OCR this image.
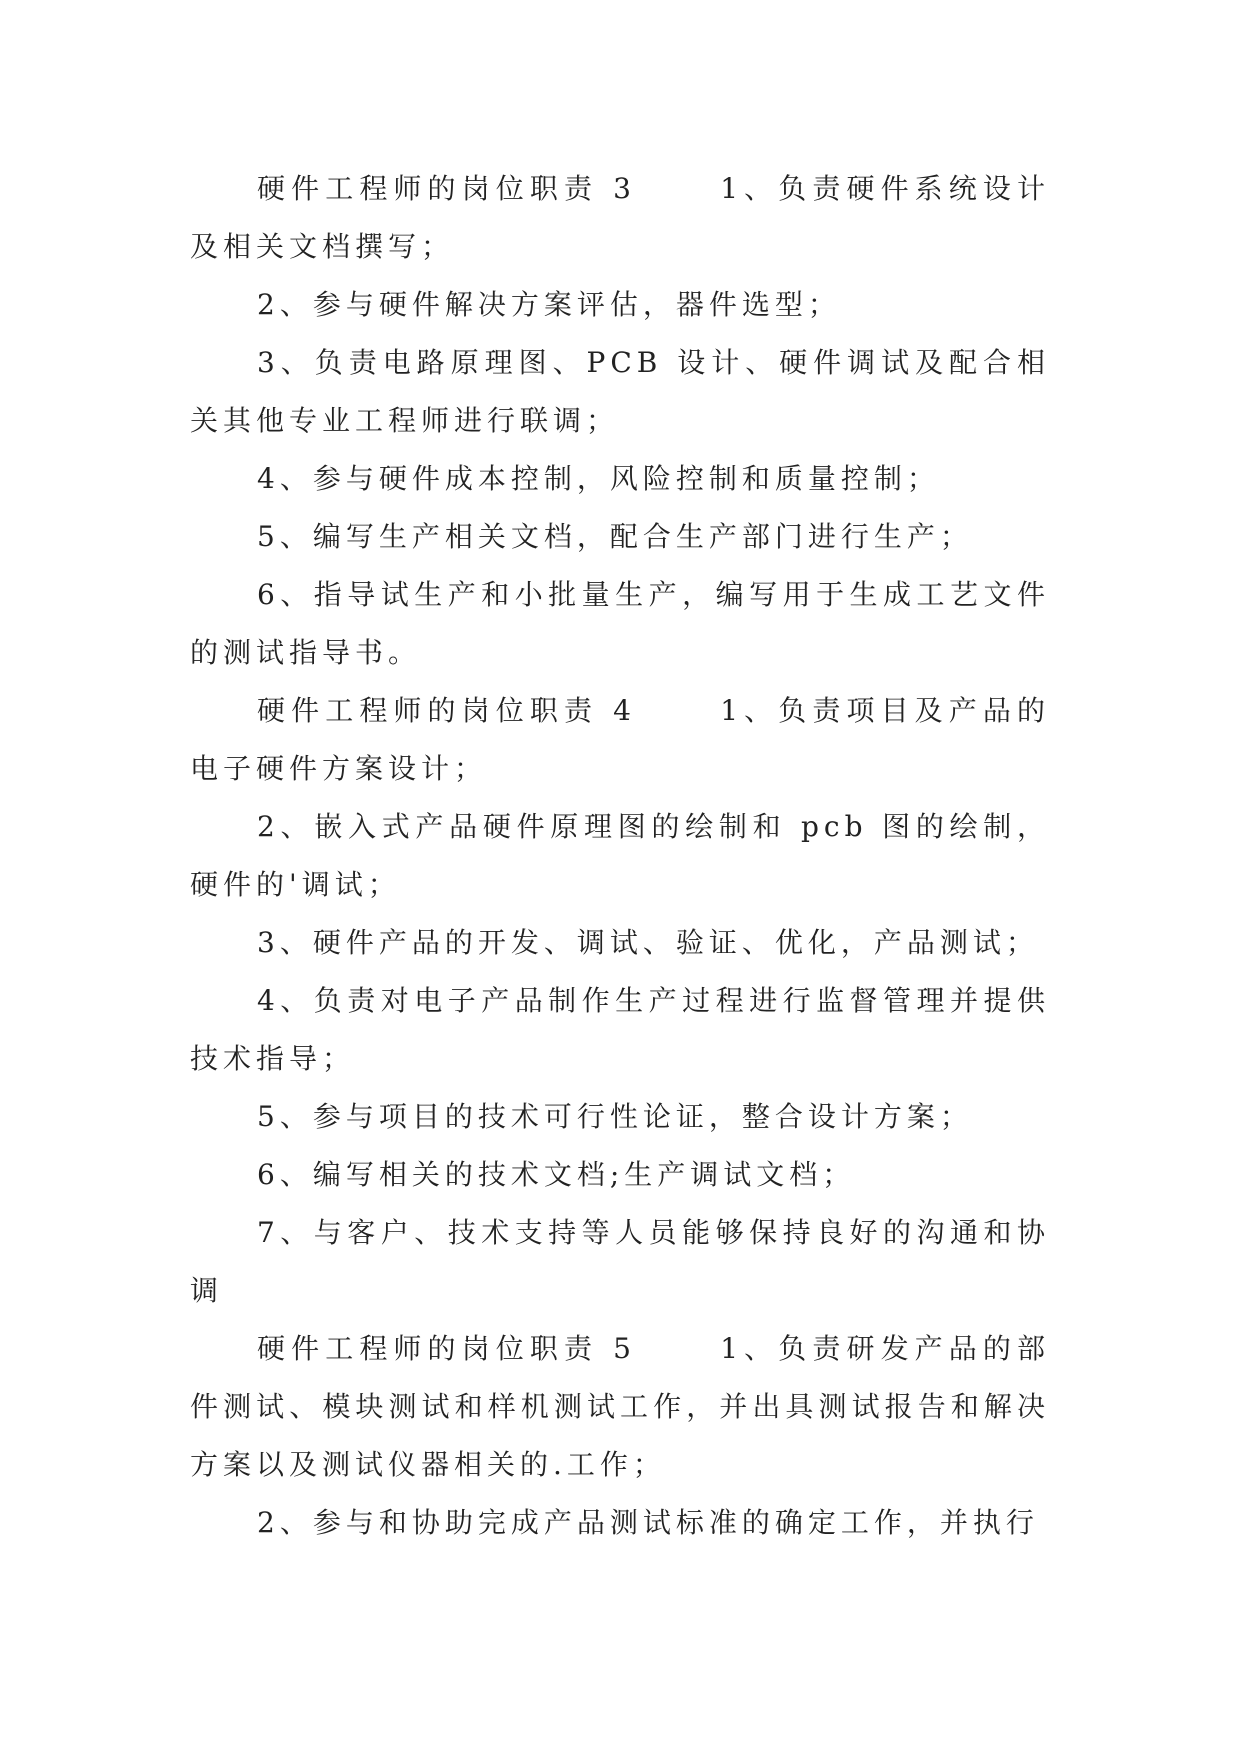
硬件工程师的岗位职责 3　　 1、负责硬件系统设计及相关文档撰写；

2、参与硬件解决方案评估，器件选型；

3、负责电路原理图、PCB 设计、硬件调试及配合相关其他专业工程师进行联调；

4、参与硬件成本控制，风险控制和质量控制；

5、编写生产相关文档，配合生产部门进行生产；

6、指导试生产和小批量生产，编写用于生成工艺文件的测试指导书。

硬件工程师的岗位职责 4　　 1、负责项目及产品的电子硬件方案设计；

2、嵌入式产品硬件原理图的绘制和 pcb 图的绘制，硬件的'调试；

3、硬件产品的开发、调试、验证、优化，产品测试；

4、负责对电子产品制作生产过程进行监督管理并提供技术指导；

5、参与项目的技术可行性论证，整合设计方案；

6、编写相关的技术文档;生产调试文档；

7、与客户、技术支持等人员能够保持良好的沟通和协调

硬件工程师的岗位职责 5　　 1、负责研发产品的部件测试、模块测试和样机测试工作，并出具测试报告和解决方案以及测试仪器相关的.工作；

2、参与和协助完成产品测试标准的确定工作，并执行
